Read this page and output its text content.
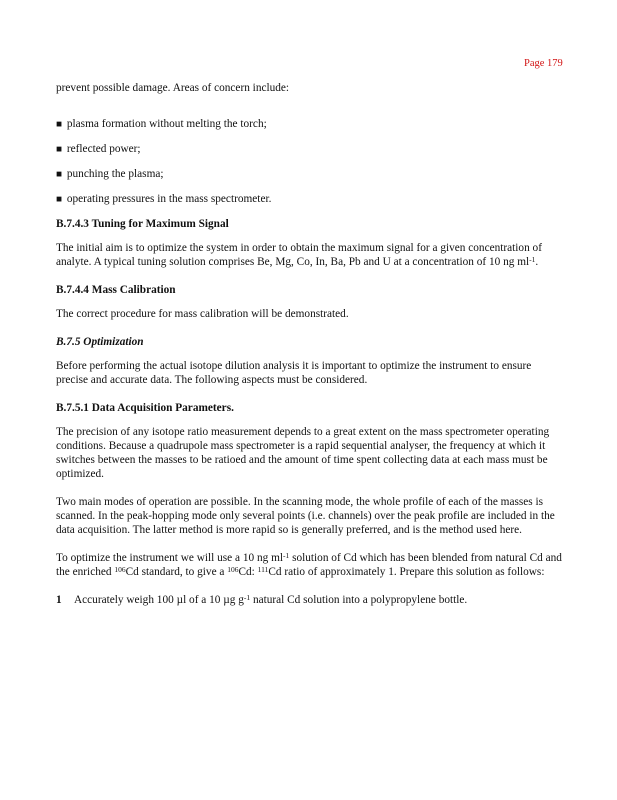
Page 179

prevent possible damage. Areas of concern include:

■ plasma formation without melting the torch;

■ reflected power;

■ punching the plasma;

■ operating pressures in the mass spectrometer.

B.7.4.3 Tuning for Maximum Signal

The initial aim is to optimize the system in order to obtain the maximum signal for a given concentration of analyte. A typical tuning solution comprises Be, Mg, Co, In, Ba, Pb and U at a concentration of 10 ng $ml^{-1}$.

B.7.4.4 Mass Calibration

The correct procedure for mass calibration will be demonstrated.

B.7.5 Optimization

Before performing the actual isotope dilution analysis it is important to optimize the instrument to ensure precise and accurate data. The following aspects must be considered.

B.7.5.1 Data Acquisition Parameters.

The precision of any isotope ratio measurement depends to a great extent on the mass spectrometer operating conditions. Because a quadrupole mass spectrometer is a rapid sequential analyser, the frequency at which it switches between the masses to be ratioed and the amount of time spent collecting data at each mass must be optimized.

Two main modes of operation are possible. In the scanning mode, the whole profile of each of the masses is scanned. In the peak-hopping mode only several points (i.e. channels) over the peak profile are included in the data acquisition. The latter method is more rapid so is generally preferred, and is the method used here.

To optimize the instrument we will use a 10 ng $ml^{-1}$ solution of Cd which has been blended from natural Cd and the enriched $^{106}$Cd standard, to give a $^{106}$Cd: $^{111}$Cd ratio of approximately 1. Prepare this solution as follows:

1	Accurately weigh 100 µl of a 10 µg $g^{-1}$ natural Cd solution into a polypropylene bottle.
